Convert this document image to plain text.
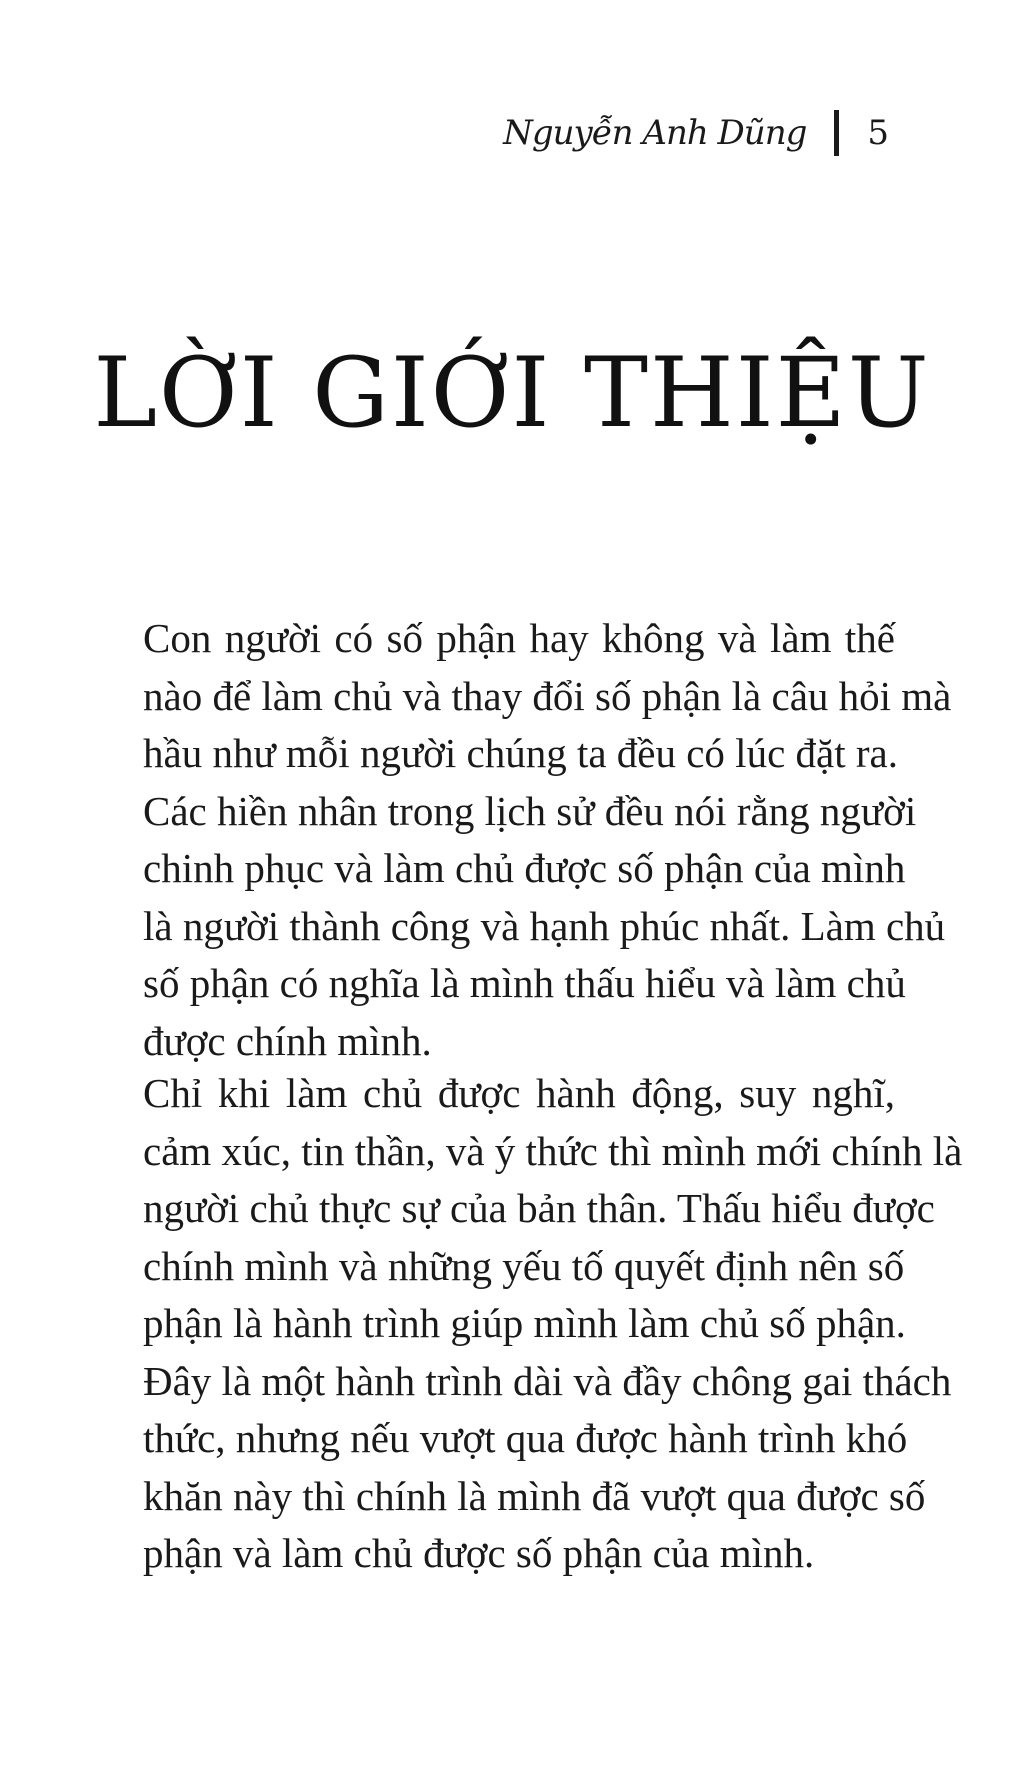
Nguyễn Anh Dũng 5
LỜI GIỚI THIỆU

Con người có số phận hay không và làm thế
nào để làm chủ và thay đổi số phận là câu hỏi mà
hầu như mỗi người chúng ta đều có lúc đặt ra.
Các hiền nhân trong lịch sử đều nói rằng người
chinh phục và làm chủ được số phận của mình
là người thành công và hạnh phúc nhất. Làm chủ
số phận có nghĩa là mình thấu hiểu và làm chủ
được chính mình.

Chỉ khi làm chủ được hành động, suy nghĩ,
cảm xúc, tin thần, và ý thức thì mình mới chính là
người chủ thực sự của bản thân. Thấu hiểu được
chính mình và những yếu tố quyết định nên số
phận là hành trình giúp mình làm chủ số phận.
Đây là một hành trình dài và đầy chông gai thách
thức, nhưng nếu vượt qua được hành trình khó
khăn này thì chính là mình đã vượt qua được số
phận và làm chủ được số phận của mình.
